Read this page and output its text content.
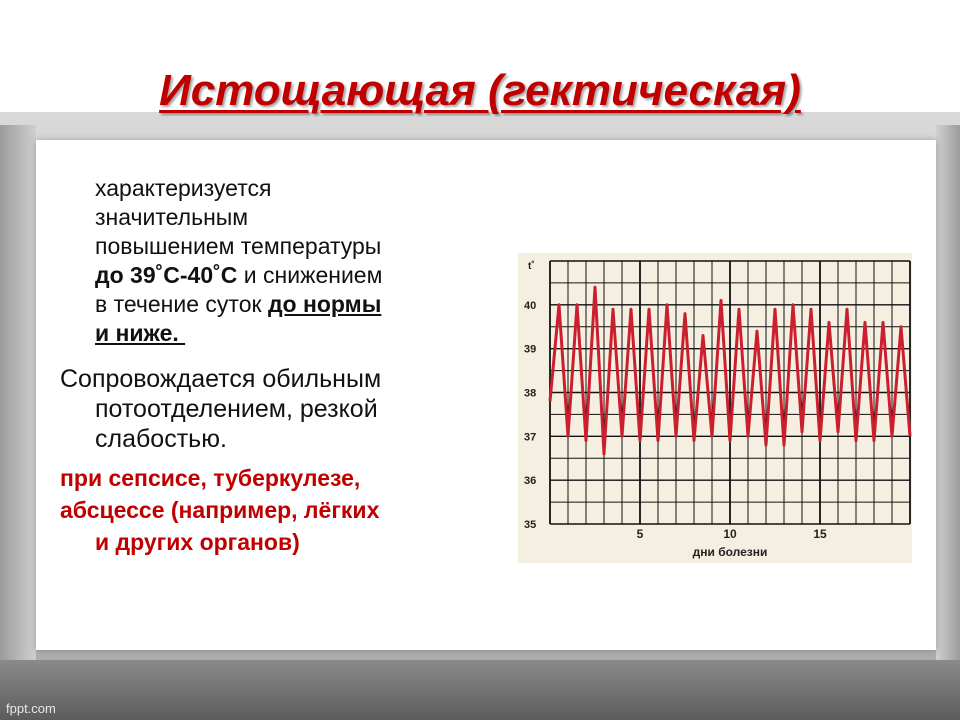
fppt.com
Истощающая (гектическая)
характеризуется
значительным
повышением температуры
до 39˚С-40˚С и снижением
в течение суток до нормы
и ниже.
Сопровождается обильным
потоотделением, резкой
слабостью.
при сепсисе, туберкулезе,
абсцессе (например, лёгких
и других органов)
35
36
37
38
39
40
t˚
5	10	15
дни болезни
